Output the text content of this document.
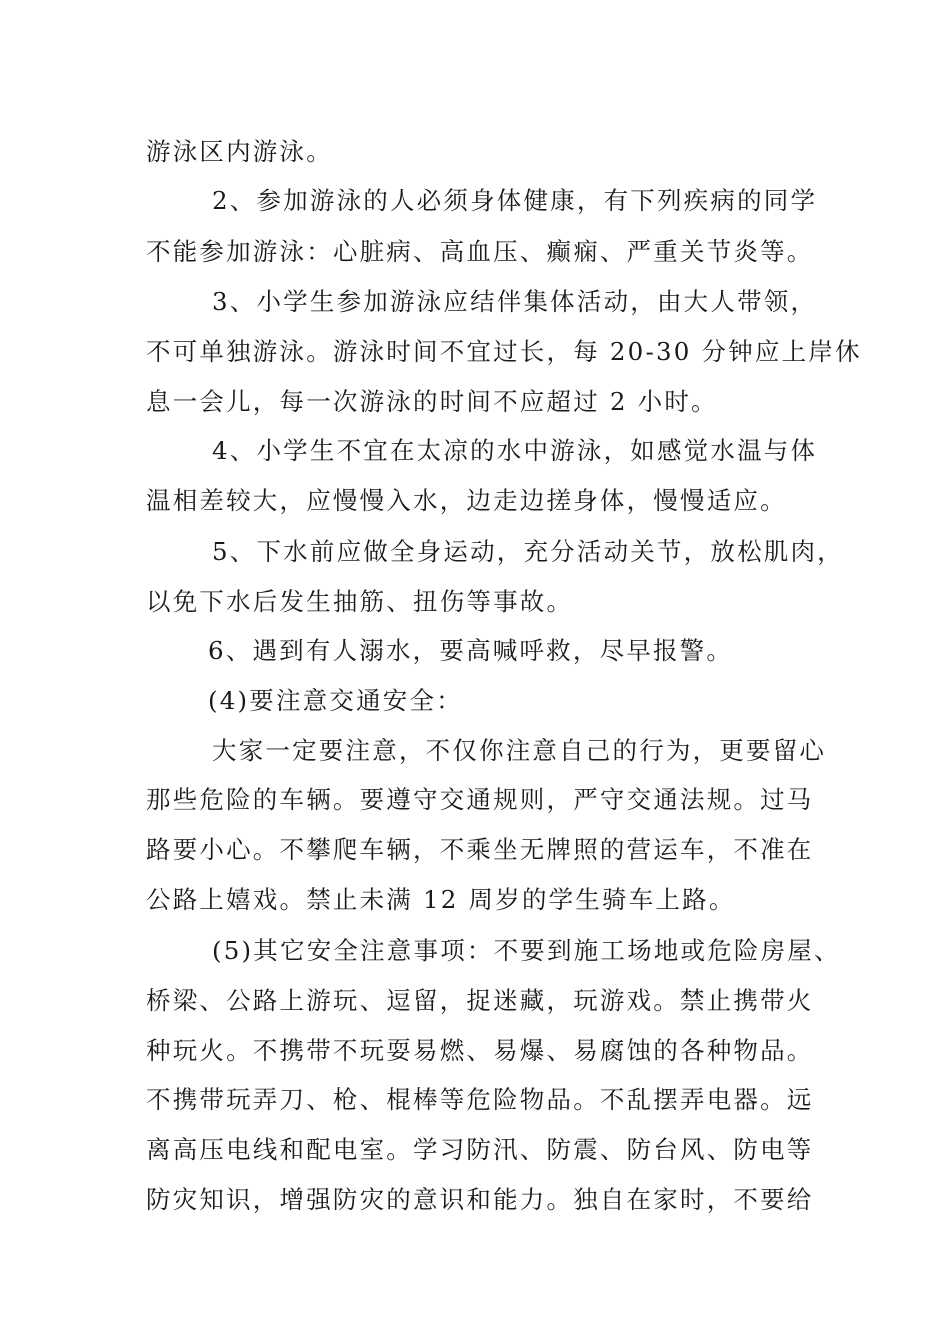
游泳区内游泳。
2、参加游泳的人必须身体健康，有下列疾病的同学
不能参加游泳：心脏病、高血压、癫痫、严重关节炎等。
3、小学生参加游泳应结伴集体活动，由大人带领，
不可单独游泳。游泳时间不宜过长，每 20-30 分钟应上岸休
息一会儿，每一次游泳的时间不应超过 2 小时。
4、小学生不宜在太凉的水中游泳，如感觉水温与体
温相差较大，应慢慢入水，边走边搓身体，慢慢适应。
5、下水前应做全身运动，充分活动关节，放松肌肉，
以免下水后发生抽筋、扭伤等事故。
6、遇到有人溺水，要高喊呼救，尽早报警。
(4)要注意交通安全：
大家一定要注意，不仅你注意自己的行为，更要留心
那些危险的车辆。要遵守交通规则，严守交通法规。过马
路要小心。不攀爬车辆，不乘坐无牌照的营运车，不准在
公路上嬉戏。禁止未满 12 周岁的学生骑车上路。
(5)其它安全注意事项：不要到施工场地或危险房屋、
桥梁、公路上游玩、逗留，捉迷藏，玩游戏。禁止携带火
种玩火。不携带不玩耍易燃、易爆、易腐蚀的各种物品。
不携带玩弄刀、枪、棍棒等危险物品。不乱摆弄电器。远
离高压电线和配电室。学习防汛、防震、防台风、防电等
防灾知识，增强防灾的意识和能力。独自在家时，不要给
